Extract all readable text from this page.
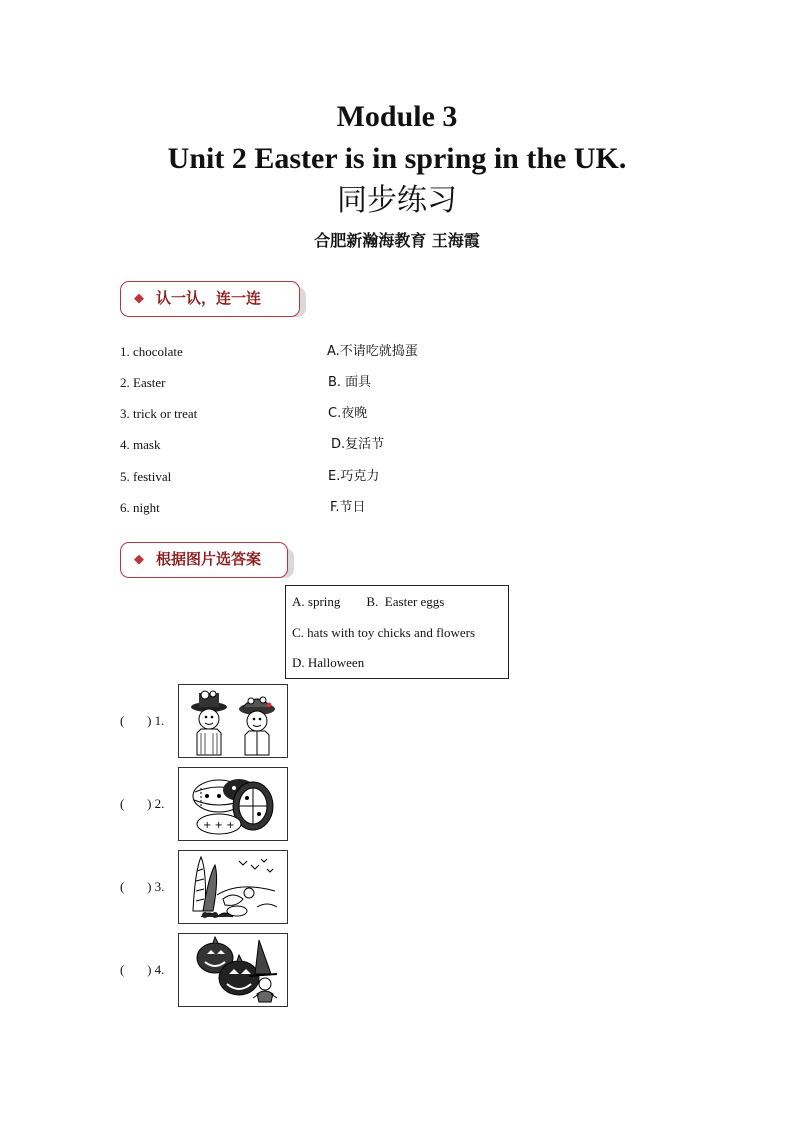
Module 3
Unit 2 Easter is in spring in the UK.
同步练习
合肥新瀚海教育 王海霞
◆ 认一认，连一连
1. chocolate	A.不请吃就捣蛋
2. Easter	B. 面具
3. trick or treat	C.夜晚
4. mask	D.复活节
5. festival	E.巧克力
6. night	F.节日
◆ 根据图片选答案
A. spring        B.  Easter eggs
C. hats with toy chicks and flowers
D. Halloween
(       ) 1.
(       ) 2.
+ + +
(       ) 3.
(       ) 4.
